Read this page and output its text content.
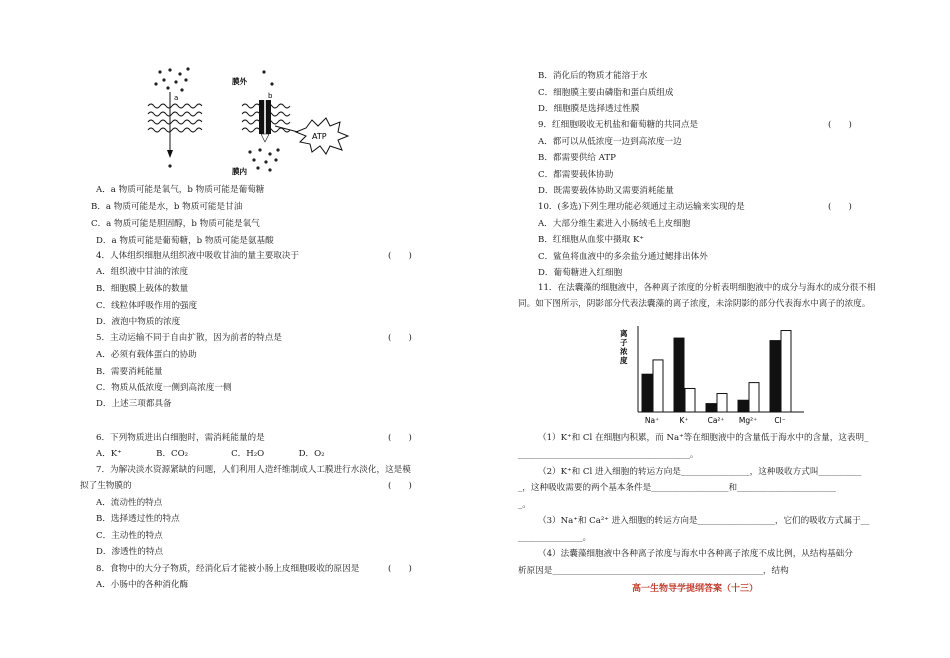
a
膜外
b
膜内
ATP
A．a 物质可能是氧气，b 物质可能是葡萄糖
B．a 物质可能是水，b 物质可能是甘油
C．a 物质可能是胆固醇，b 物质可能是氧气
D．a 物质可能是葡萄糖，b 物质可能是氨基酸
4．人体组织细胞从组织液中吸收甘油的量主要取决于	(　　)
A．组织液中甘油的浓度
B．细胞膜上载体的数量
C．线粒体呼吸作用的强度
D．液泡中物质的浓度
5．主动运输不同于自由扩散，因为前者的特点是	(　　)
A．必须有载体蛋白的协助
B．需要消耗能量
C．物质从低浓度一侧到高浓度一侧
D．上述三项都具备
6．下列物质进出白细胞时，需消耗能量的是	(　　)
A．K⁺　　　　B．CO₂　　　　　C．H₂O　　　　D．O₂
7．为解决淡水资源紧缺的问题，人们利用人造纤维制成人工膜进行水淡化，这是模
拟了生物膜的	(　　)
A．流动性的特点
B．选择透过性的特点
C．主动性的特点
D．渗透性的特点
8．食物中的大分子物质，经消化后才能被小肠上皮细胞吸收的原因是	(　　)
A．小肠中的各种消化酶
B．消化后的物质才能溶于水
C．细胞膜主要由磷脂和蛋白质组成
D．细胞膜是选择透过性膜
9．红细胞吸收无机盐和葡萄糖的共同点是	(　　)
A．都可以从低浓度一边到高浓度一边
B．都需要供给 ATP
C．都需要载体协助
D．既需要载体协助又需要消耗能量
10．(多选)下列生理功能必须通过主动运输来实现的是	(　　)
A．大部分维生素进入小肠绒毛上皮细胞
B．红细胞从血浆中摄取 K⁺
C．鲨鱼将血液中的多余盐分通过鳃排出体外
D．葡萄糖进入红细胞
11．在法囊藻的细胞液中，各种离子浓度的分析表明细胞液中的成分与海水的成分很不相同。如下图所示，阴影部分代表法囊藻的离子浓度，未涂阴影的部分代表海水中离子的浓度。
离子浓度
Na⁺	K⁺	Ca²⁺ Mg²⁺ Cl⁻
（1）K⁺和 Cl 在细胞内积累，而 Na⁺等在细胞液中的含量低于海水中的含量，这表明_
________________________________________。
（2）K⁺和 Cl 进入细胞的转运方向是________________，这种吸收方式叫__________
_，这种吸收需要的两个基本条件是__________________和_______________________
_。
（3）Na⁺和 Ca²⁺ 进入细胞的转运方向是__________________，它们的吸收方式属于__
_______________。
（4）法囊藻细胞液中各种离子浓度与海水中各种离子浓度不成比例，从结构基础分
析原因是_________________________________________________，结构
高一生物导学提纲答案（十三）
